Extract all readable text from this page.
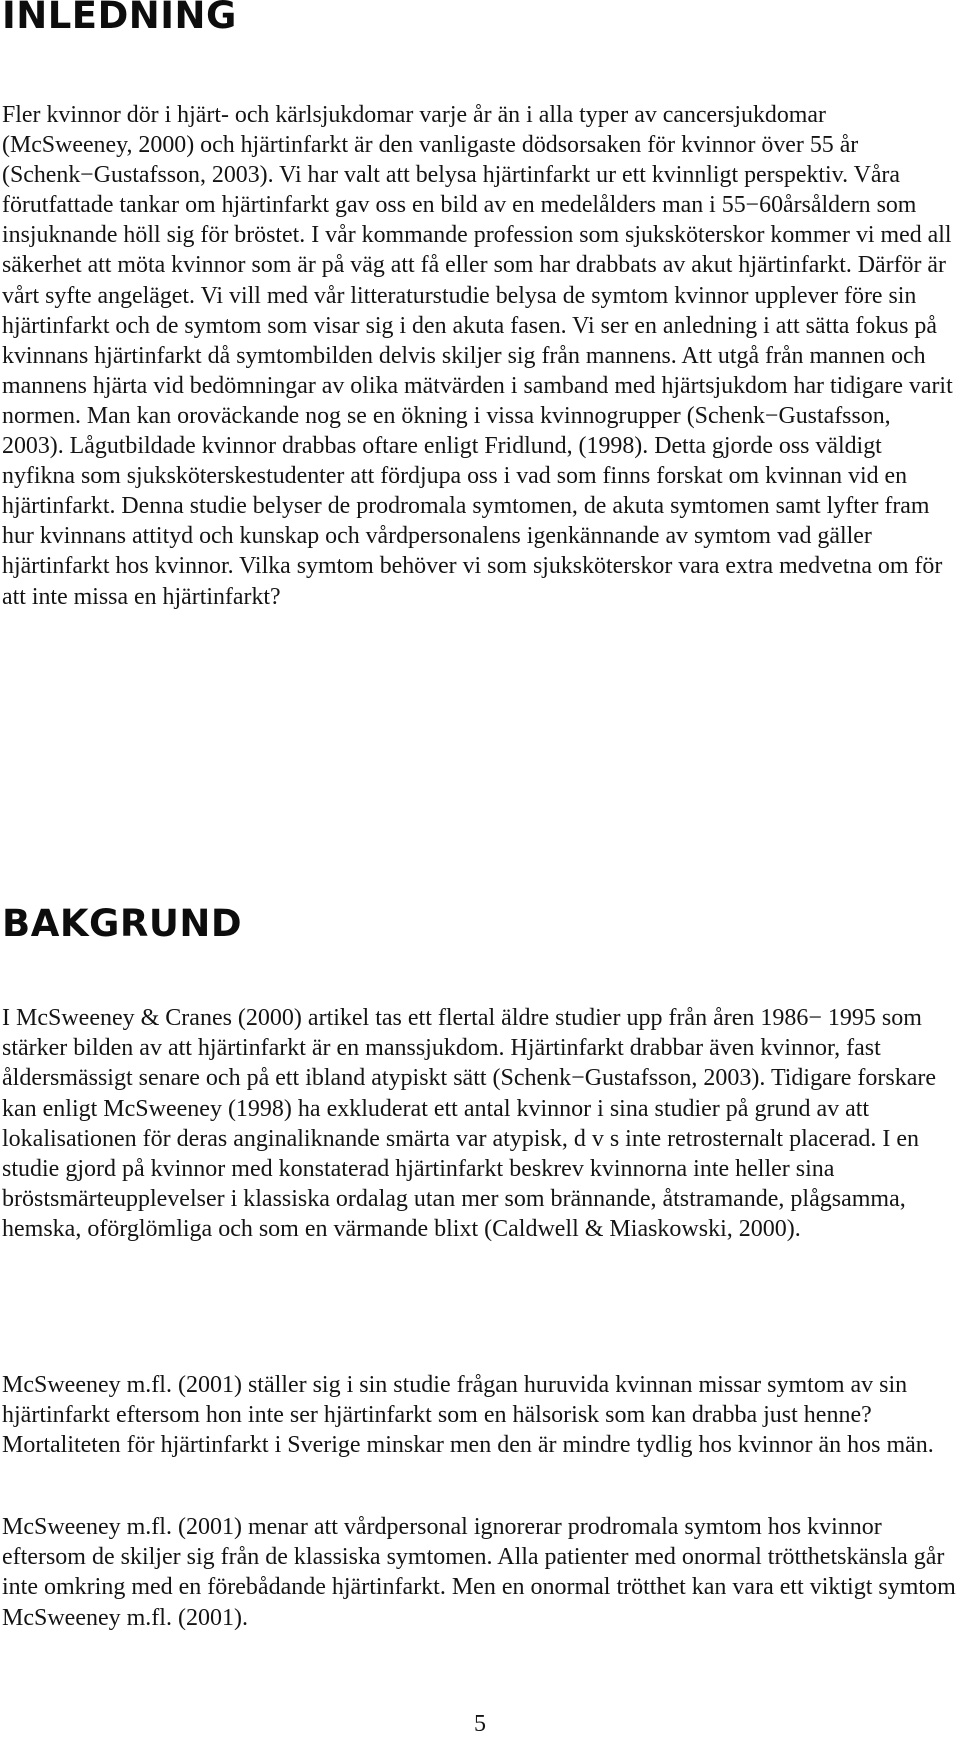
INLEDNING

Fler kvinnor dör i hjärt- och kärlsjukdomar varje år än i alla typer av cancersjukdomar (McSweeney, 2000) och hjärtinfarkt är den vanligaste dödsorsaken för kvinnor över 55 år (Schenk−Gustafsson, 2003). Vi har valt att belysa hjärtinfarkt ur ett kvinnligt perspektiv. Våra förutfattade tankar om hjärtinfarkt gav oss en bild av en medelålders man i 55−60årsåldern som insjuknande höll sig för bröstet. I vår kommande profession som sjuksköterskor kommer vi med all säkerhet att möta kvinnor som är på väg att få eller som har drabbats av akut hjärtinfarkt. Därför är vårt syfte angeläget. Vi vill med vår litteraturstudie belysa de symtom kvinnor upplever före sin hjärtinfarkt och de symtom som visar sig i den akuta fasen. Vi ser en anledning i att sätta fokus på kvinnans hjärtinfarkt då symtombilden delvis skiljer sig från mannens. Att utgå från mannen och mannens hjärta vid bedömningar av olika mätvärden i samband med hjärtsjukdom har tidigare varit normen. Man kan oroväckande nog se en ökning i vissa kvinnogrupper (Schenk−Gustafsson, 2003). Lågutbildade kvinnor drabbas oftare enligt Fridlund, (1998). Detta gjorde oss väldigt nyfikna som sjuksköterskestudenter att fördjupa oss i vad som finns forskat om kvinnan vid en hjärtinfarkt. Denna studie belyser de prodromala symtomen, de akuta symtomen samt lyfter fram hur kvinnans attityd och kunskap och vårdpersonalens igenkännande av symtom vad gäller hjärtinfarkt hos kvinnor. Vilka symtom behöver vi som sjuksköterskor vara extra medvetna om för att inte missa en hjärtinfarkt?

BAKGRUND

I McSweeney & Cranes (2000) artikel tas ett flertal äldre studier upp från åren 1986− 1995 som stärker bilden av att hjärtinfarkt är en manssjukdom. Hjärtinfarkt drabbar även kvinnor, fast åldersmässigt senare och på ett ibland atypiskt sätt (Schenk−Gustafsson, 2003). Tidigare forskare kan enligt McSweeney (1998) ha exkluderat ett antal kvinnor i sina studier på grund av att lokalisationen för deras anginaliknande smärta var atypisk, d v s inte retrosternalt placerad. I en studie gjord på kvinnor med konstaterad hjärtinfarkt beskrev kvinnorna inte heller sina bröstsmärteupplevelser i klassiska ordalag utan mer som brännande, åtstramande, plågsamma, hemska, oförglömliga och som en värmande blixt (Caldwell & Miaskowski, 2000).

McSweeney m.fl. (2001) ställer sig i sin studie frågan huruvida kvinnan missar symtom av sin hjärtinfarkt eftersom hon inte ser hjärtinfarkt som en hälsorisk som kan drabba just henne? Mortaliteten för hjärtinfarkt i Sverige minskar men den är mindre tydlig hos kvinnor än hos män.

McSweeney m.fl. (2001) menar att vårdpersonal ignorerar prodromala symtom hos kvinnor eftersom de skiljer sig från de klassiska symtomen. Alla patienter med onormal trötthetskänsla går inte omkring med en förebådande hjärtinfarkt. Men en onormal trötthet kan vara ett viktigt symtom McSweeney m.fl. (2001).

5
